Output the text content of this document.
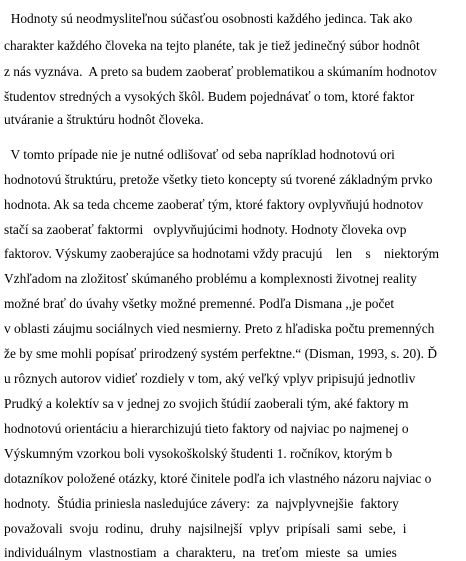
Hodnoty sú neodmysliteľnou súčasťou osobnosti každého jedinca. Tak ako
charakter každého človeka na tejto planéte, tak je tiež jedinečný súbor hodnôt
z nás vyznáva.  A preto sa budem zaoberať problematikou a skúmaním hodnotov
študentov stredných a vysokých škôl. Budem pojednávať o tom, ktoré faktor
utváranie a štruktúru hodnôt človeka.
V tomto prípade nie je nutné odlišovať od seba napríklad hodnotovú ori
hodnotovú štruktúru, pretože všetky tieto koncepty sú tvorené základným prvko
hodnota. Ak sa teda chceme zaoberať tým, ktoré faktory ovplyvňujú hodnotov
stačí sa zaoberať faktormi   ovplyvňujúcimi hodnoty. Hodnoty človeka ovp
faktorov. Výskumy zaoberajúce sa hodnotami vždy pracujú    len    s    niektorým
Vzhľadom na zložitosť skúmaného problému a komplexnosti životnej reality
možné brať do úvahy všetky možné premenné. Podľa Dismana ,,je počet
v oblasti záujmu sociálnych vied nesmierny. Preto z hľadiska počtu premenných
že by sme mohli popísať prirodzený systém perfektne.“ (Disman, 1993, s. 20). Ď
u rôznych autorov vidieť rozdiely v tom, aký veľký vplyv pripisujú jednotliv
Prudký a kolektív sa v jednej zo svojich štúdií zaoberali tým, aké faktory m
hodnotovú orientáciu a hierarchizujú tieto faktory od najviac po najmenej o
Výskumným vzorkou boli vysokoškolský študenti 1. ročníkov, ktorým b
dotazníkov položené otázky, ktoré činitele podľa ich vlastného názoru najviac o
hodnoty.  Štúdia priniesla nasledujúce závery:  za  najvplyvnejšie  faktory
považovali  svoju  rodinu,  druhy  najsilnejší  vplyv  pripísali  sami  sebe,  i
individuálnym  vlastnostiam  a  charakteru,  na  treťom  mieste  sa  umies
